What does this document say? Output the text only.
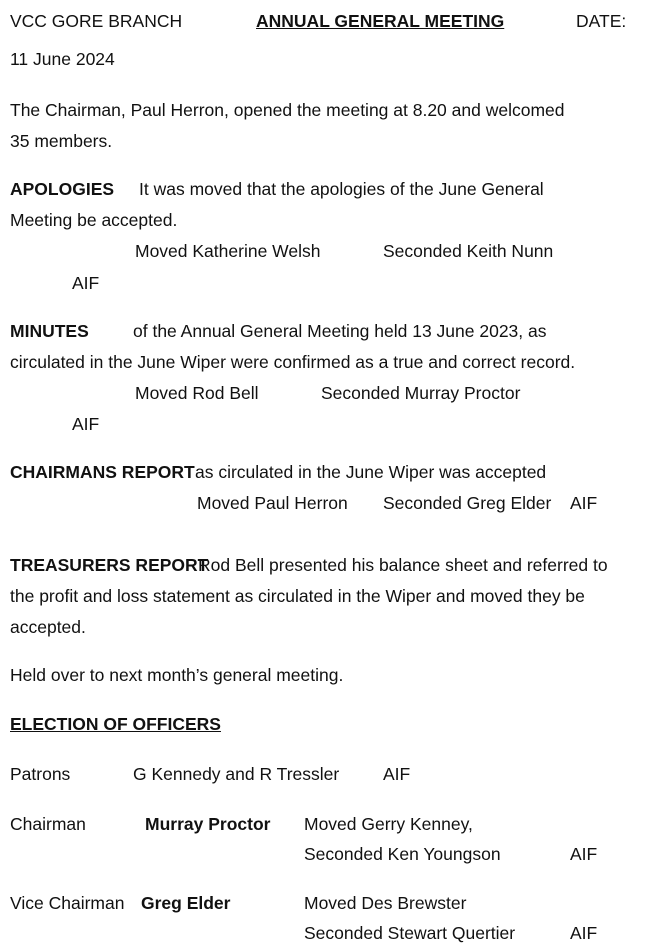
VCC GORE BRANCH	ANNUAL GENERAL MEETING	DATE:
11 June 2024
The Chairman, Paul Herron, opened the meeting at 8.20 and welcomed
35 members.
APOLOGIES It was moved that the apologies of the June General
Meeting be accepted.
Moved Katherine Welsh	Seconded Keith Nunn
AIF
MINUTES	of the Annual General Meeting held 13 June 2023, as
circulated in the June Wiper were confirmed as a true and correct record.
Moved Rod Bell	Seconded Murray Proctor
AIF
CHAIRMANS REPORT as circulated in the June Wiper was accepted
Moved Paul Herron Seconded Greg Elder AIF
TREASURERS REPORT
Rod Bell presented his balance sheet and referred to
the profit and loss statement as circulated in the Wiper and moved they be
accepted.
Held over to next month’s general meeting.
ELECTION OF OFFICERS
Patrons	G Kennedy and R Tressler	AIF
Chairman	Murray Proctor Moved Gerry Kenney,
Seconded Ken Youngson	AIF
Vice Chairman Greg Elder	Moved Des Brewster
Seconded Stewart Quertier	AIF
